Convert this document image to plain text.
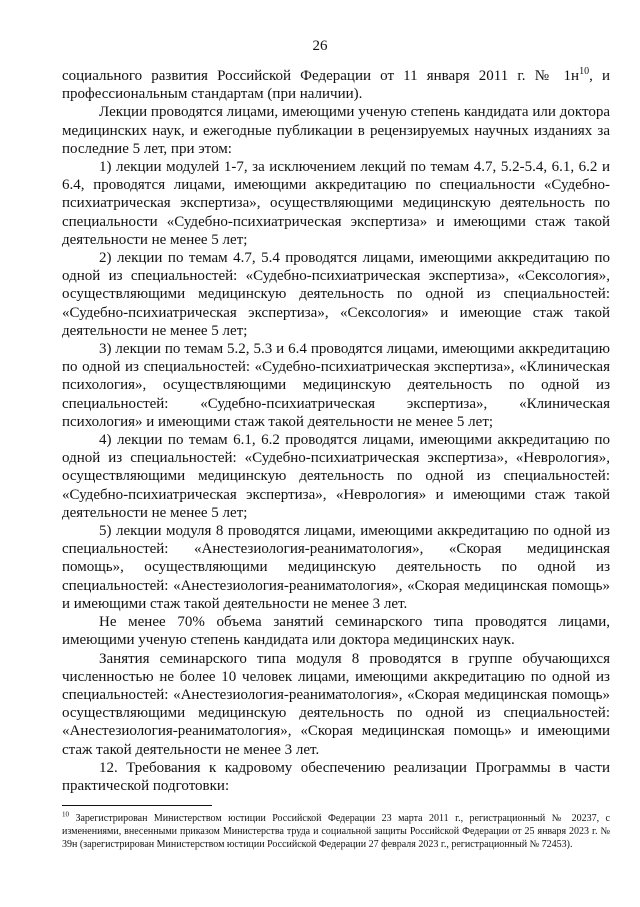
26

социального развития Российской Федерации от 11 января 2011 г. № $1н^{10}$, и профессиональным стандартам (при наличии).

Лекции проводятся лицами, имеющими ученую степень кандидата или доктора медицинских наук, и ежегодные публикации в рецензируемых научных изданиях за последние 5 лет, при этом:

1) лекции модулей 1-7, за исключением лекций по темам 4.7, 5.2-5.4, 6.1, 6.2 и 6.4, проводятся лицами, имеющими аккредитацию по специальности «Судебно-психиатрическая экспертиза», осуществляющими медицинскую деятельность по специальности «Судебно-психиатрическая экспертиза» и имеющими стаж такой деятельности не менее 5 лет;

2) лекции по темам 4.7, 5.4 проводятся лицами, имеющими аккредитацию по одной из специальностей: «Судебно-психиатрическая экспертиза», «Сексология», осуществляющими медицинскую деятельность по одной из специальностей: «Судебно-психиатрическая экспертиза», «Сексология» и имеющие стаж такой деятельности не менее 5 лет;

3) лекции по темам 5.2, 5.3 и 6.4 проводятся лицами, имеющими аккредитацию по одной из специальностей: «Судебно-психиатрическая экспертиза», «Клиническая психология», осуществляющими медицинскую деятельность по одной из специальностей: «Судебно-психиатрическая экспертиза», «Клиническая психология» и имеющими стаж такой деятельности не менее 5 лет;

4) лекции по темам 6.1, 6.2 проводятся лицами, имеющими аккредитацию по одной из специальностей: «Судебно-психиатрическая экспертиза», «Неврология», осуществляющими медицинскую деятельность по одной из специальностей: «Судебно-психиатрическая экспертиза», «Неврология» и имеющими стаж такой деятельности не менее 5 лет;

5) лекции модуля 8 проводятся лицами, имеющими аккредитацию по одной из специальностей: «Анестезиология-реаниматология», «Скорая медицинская помощь», осуществляющими медицинскую деятельность по одной из специальностей: «Анестезиология-реаниматология», «Скорая медицинская помощь» и имеющими стаж такой деятельности не менее 3 лет.

Не менее 70% объема занятий семинарского типа проводятся лицами, имеющими ученую степень кандидата или доктора медицинских наук.

Занятия семинарского типа модуля 8 проводятся в группе обучающихся численностью не более 10 человек лицами, имеющими аккредитацию по одной из специальностей: «Анестезиология-реаниматология», «Скорая медицинская помощь» осуществляющими медицинскую деятельность по одной из специальностей: «Анестезиология-реаниматология», «Скорая медицинская помощь» и имеющими стаж такой деятельности не менее 3 лет.

12. Требования к кадровому обеспечению реализации Программы в части практической подготовки:

$^{10}$ Зарегистрирован Министерством юстиции Российской Федерации 23 марта 2011 г., регистрационный № 20237, с изменениями, внесенными приказом Министерства труда и социальной защиты Российской Федерации от 25 января 2023 г. № 39н (зарегистрирован Министерством юстиции Российской Федерации 27 февраля 2023 г., регистрационный № 72453).
